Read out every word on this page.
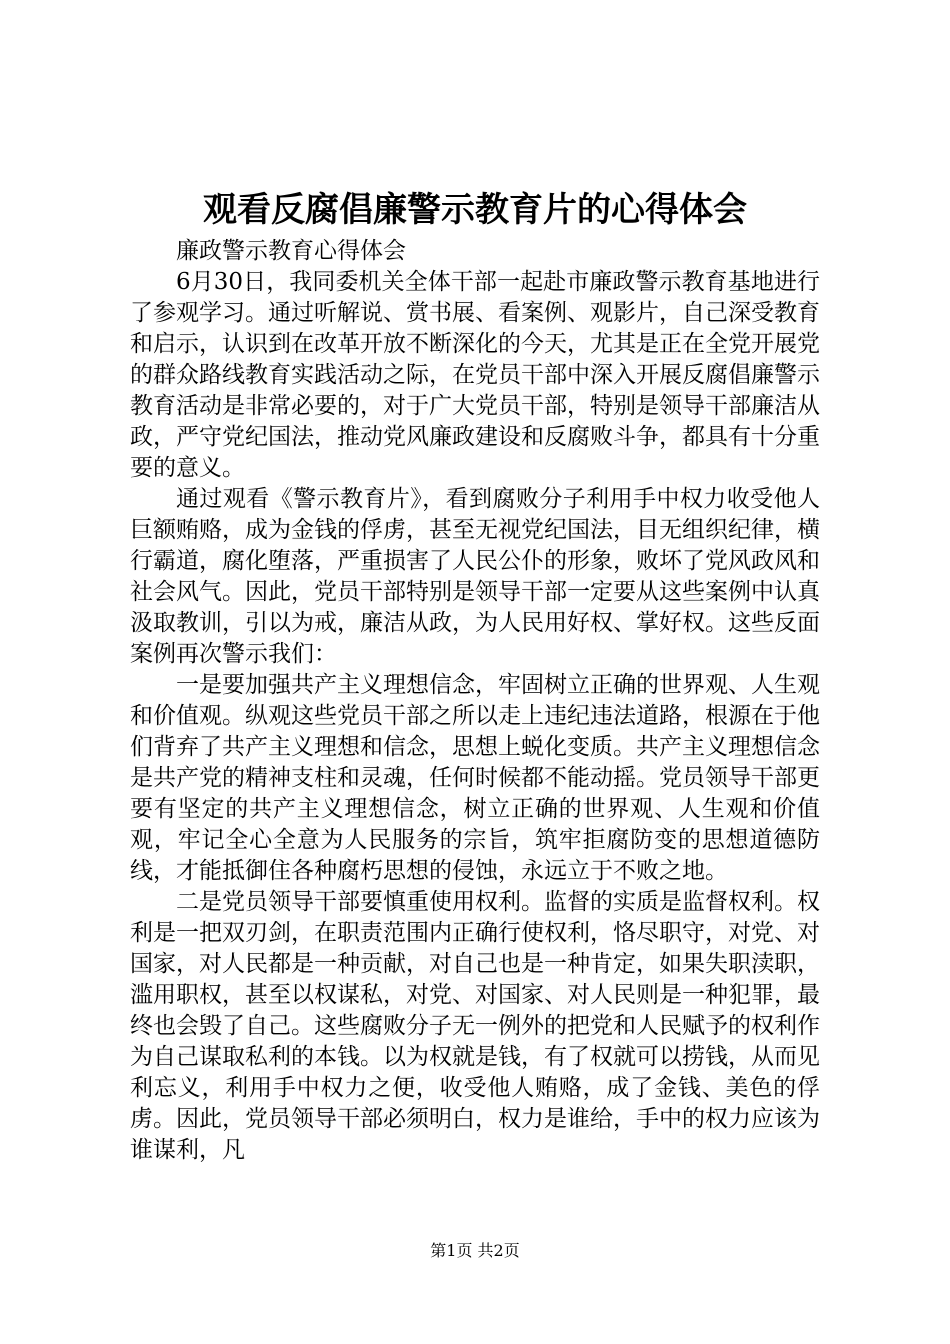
观看反腐倡廉警示教育片的心得体会

廉政警示教育心得体会

6月30日，我同委机关全体干部一起赴市廉政警示教育基地进行了参观学习。通过听解说、赏书展、看案例、观影片，自己深受教育和启示，认识到在改革开放不断深化的今天，尤其是正在全党开展党的群众路线教育实践活动之际，在党员干部中深入开展反腐倡廉警示教育活动是非常必要的，对于广大党员干部，特别是领导干部廉洁从政，严守党纪国法，推动党风廉政建设和反腐败斗争，都具有十分重要的意义。

通过观看《警示教育片》，看到腐败分子利用手中权力收受他人巨额贿赂，成为金钱的俘虏，甚至无视党纪国法，目无组织纪律，横行霸道，腐化堕落，严重损害了人民公仆的形象，败坏了党风政风和社会风气。因此，党员干部特别是领导干部一定要从这些案例中认真汲取教训，引以为戒，廉洁从政，为人民用好权、掌好权。这些反面案例再次警示我们：

一是要加强共产主义理想信念，牢固树立正确的世界观、人生观和价值观。纵观这些党员干部之所以走上违纪违法道路，根源在于他们背弃了共产主义理想和信念，思想上蜕化变质。共产主义理想信念是共产党的精神支柱和灵魂，任何时候都不能动摇。党员领导干部更要有坚定的共产主义理想信念，树立正确的世界观、人生观和价值观，牢记全心全意为人民服务的宗旨，筑牢拒腐防变的思想道德防线，才能抵御住各种腐朽思想的侵蚀，永远立于不败之地。

二是党员领导干部要慎重使用权利。监督的实质是监督权利。权利是一把双刃剑，在职责范围内正确行使权利，恪尽职守，对党、对国家，对人民都是一种贡献，对自己也是一种肯定，如果失职渎职，滥用职权，甚至以权谋私，对党、对国家、对人民则是一种犯罪，最终也会毁了自己。这些腐败分子无一例外的把党和人民赋予的权利作为自己谋取私利的本钱。以为权就是钱，有了权就可以捞钱，从而见利忘义，利用手中权力之便，收受他人贿赂，成了金钱、美色的俘虏。因此，党员领导干部必须明白，权力是谁给，手中的权力应该为谁谋利，凡

第1页 共2页
